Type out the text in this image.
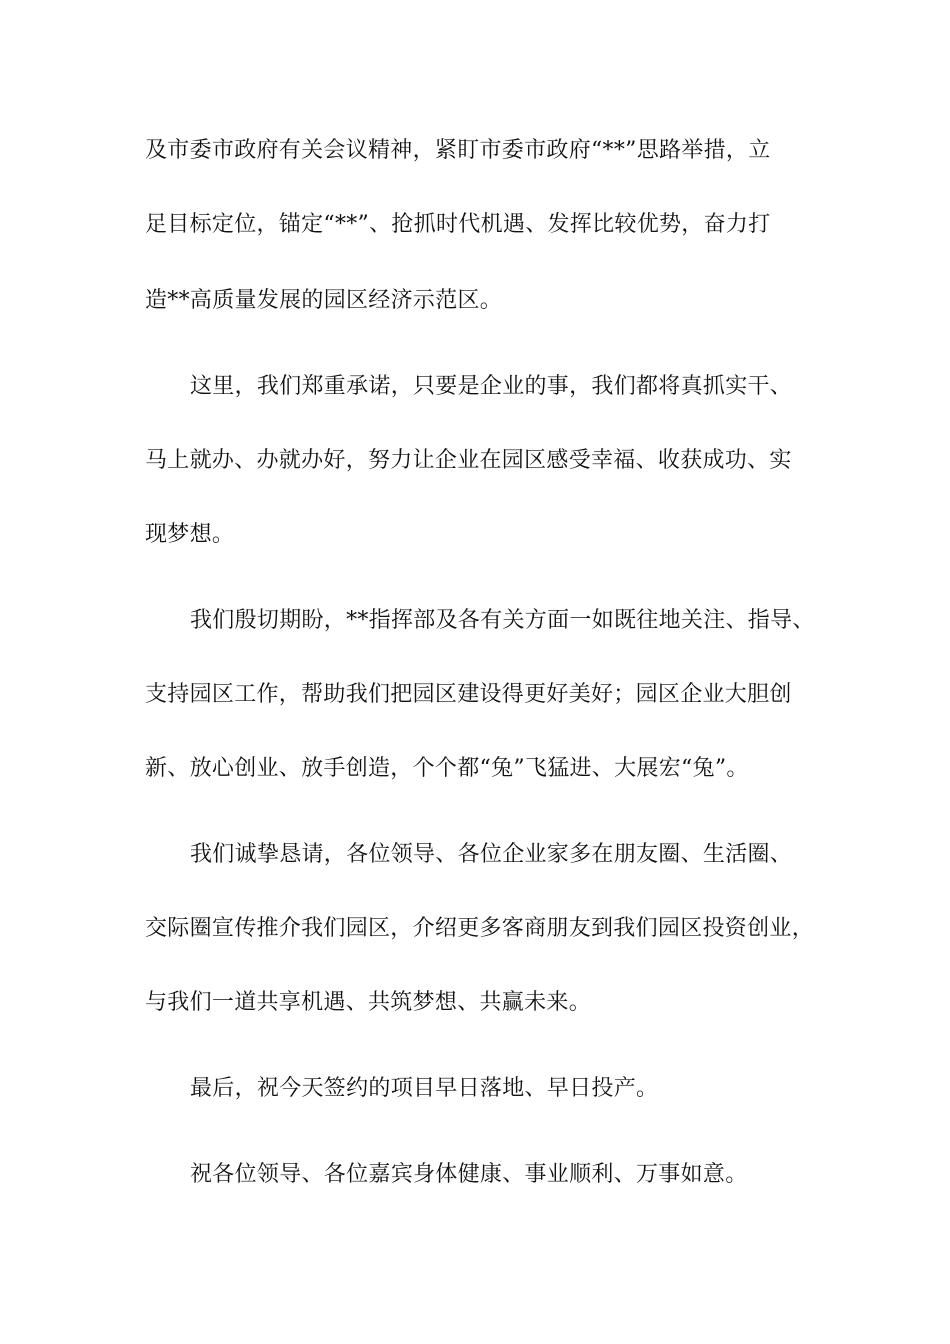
及市委市政府有关会议精神，紧盯市委市政府“**”思路举措，立
足目标定位，锚定“**”、抢抓时代机遇、发挥比较优势，奋力打
造**高质量发展的园区经济示范区。
这里，我们郑重承诺，只要是企业的事，我们都将真抓实干、
马上就办、办就办好，努力让企业在园区感受幸福、收获成功、实
现梦想。
我们殷切期盼，**指挥部及各有关方面一如既往地关注、指导、
支持园区工作，帮助我们把园区建设得更好美好；园区企业大胆创
新、放心创业、放手创造，个个都“兔”飞猛进、大展宏“兔”。
我们诚挚恳请，各位领导、各位企业家多在朋友圈、生活圈、
交际圈宣传推介我们园区，介绍更多客商朋友到我们园区投资创业，
与我们一道共享机遇、共筑梦想、共赢未来。
最后，祝今天签约的项目早日落地、早日投产。
祝各位领导、各位嘉宾身体健康、事业顺利、万事如意。
